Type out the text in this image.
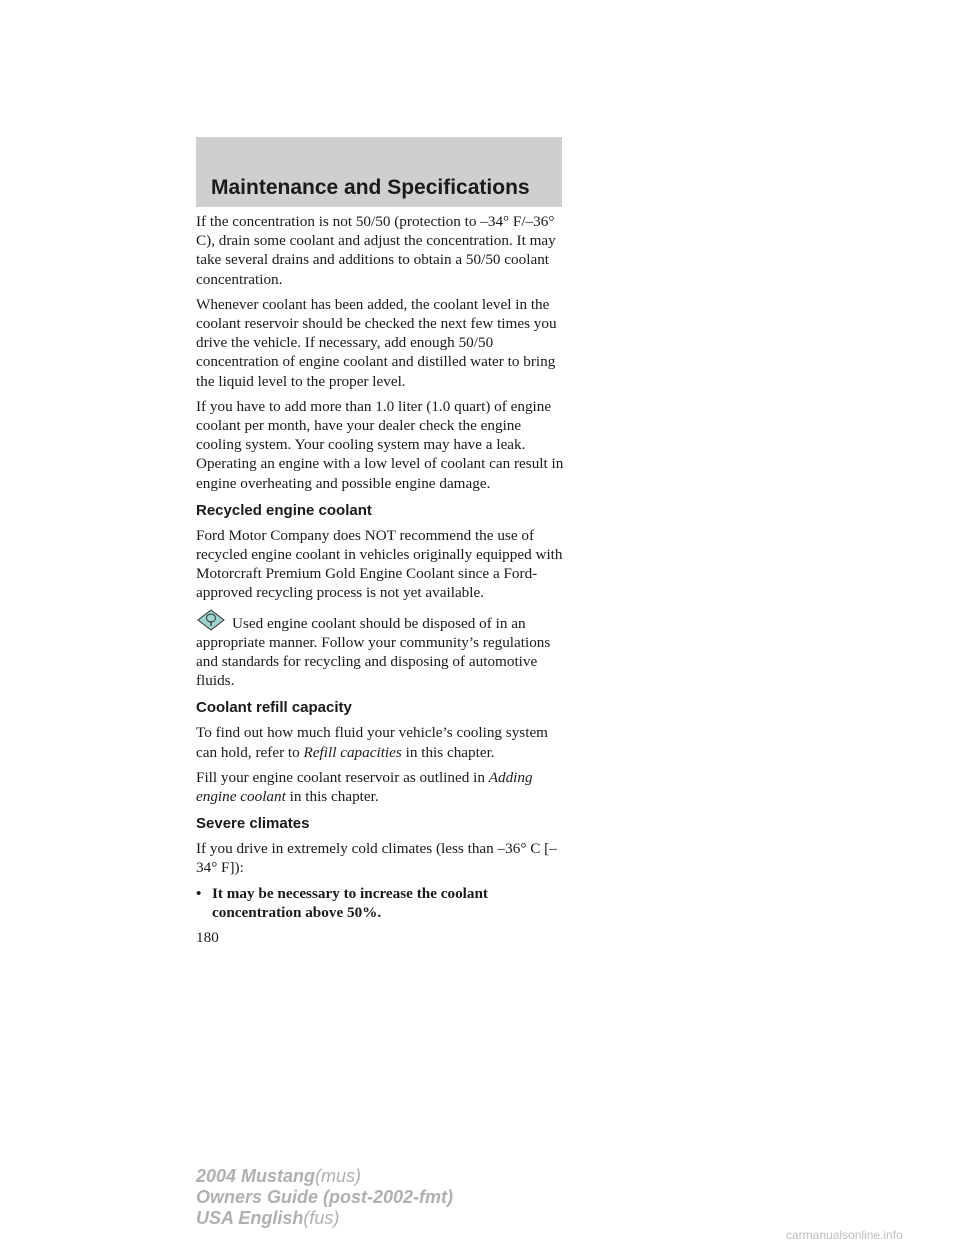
Maintenance and Specifications

If the concentration is not 50/50 (protection to –34° F/–36° C), drain some coolant and adjust the concentration. It may take several drains and additions to obtain a 50/50 coolant concentration.

Whenever coolant has been added, the coolant level in the coolant reservoir should be checked the next few times you drive the vehicle. If necessary, add enough 50/50 concentration of engine coolant and distilled water to bring the liquid level to the proper level.

If you have to add more than 1.0 liter (1.0 quart) of engine coolant per month, have your dealer check the engine cooling system. Your cooling system may have a leak. Operating an engine with a low level of coolant can result in engine overheating and possible engine damage.

Recycled engine coolant

Ford Motor Company does NOT recommend the use of recycled engine coolant in vehicles originally equipped with Motorcraft Premium Gold Engine Coolant since a Ford-approved recycling process is not yet available.

Used engine coolant should be disposed of in an appropriate manner. Follow your community’s regulations and standards for recycling and disposing of automotive fluids.

Coolant refill capacity

To find out how much fluid your vehicle’s cooling system can hold, refer to Refill capacities in this chapter.

Fill your engine coolant reservoir as outlined in Adding engine coolant in this chapter.

Severe climates

If you drive in extremely cold climates (less than –36° C [–34° F]):

• It may be necessary to increase the coolant concentration above 50%.
180
2004 Mustang(mus)
Owners Guide (post-2002-fmt)
USA English(fus)
carmanualsonline.info
